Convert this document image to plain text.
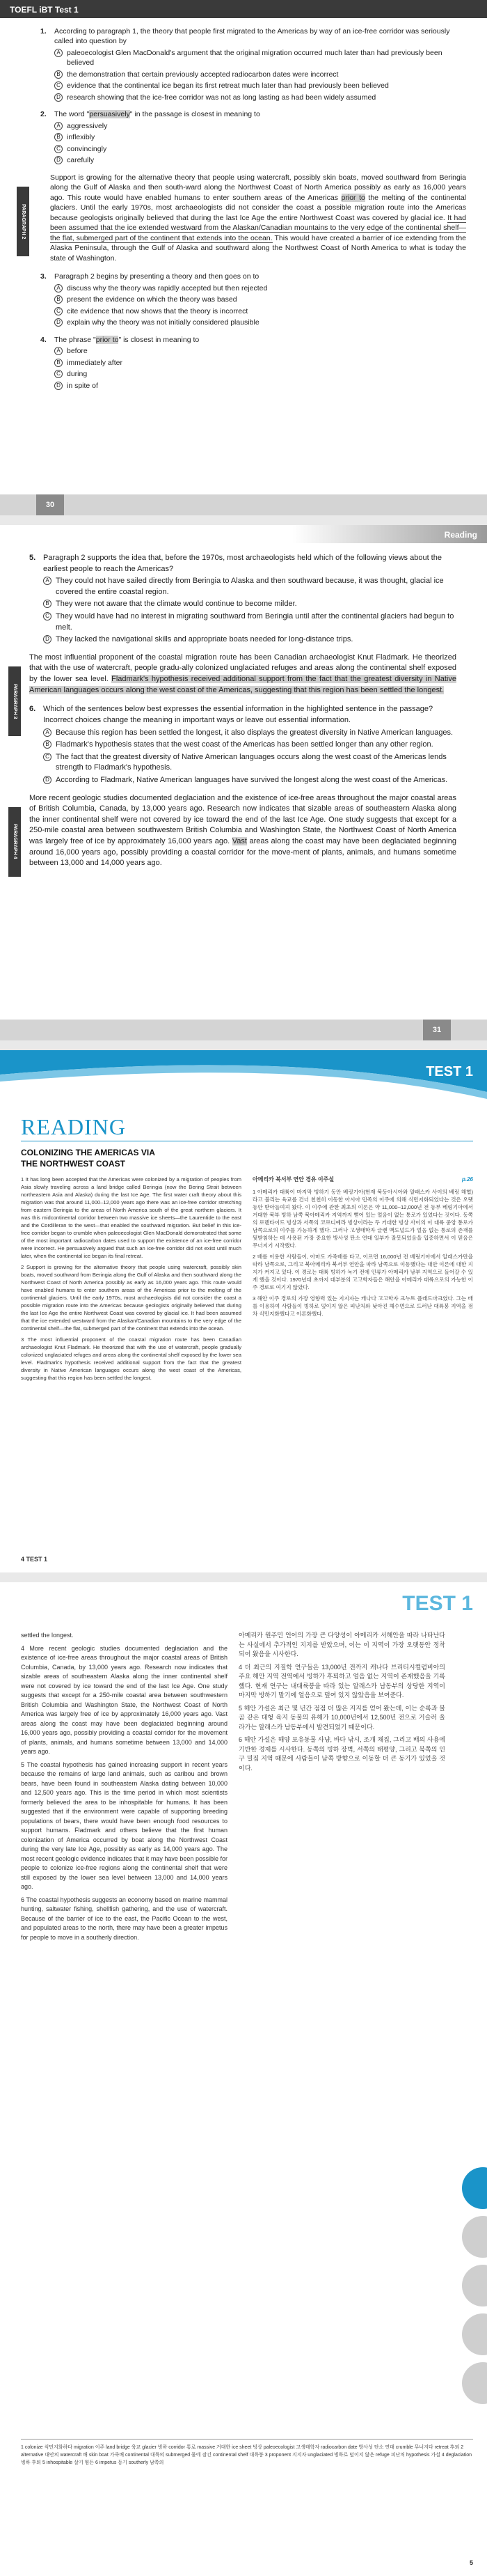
TOEFL iBT Test 1
1.	According to paragraph 1, the theory that people first migrated to the Americas by way of an ice-free corridor was seriously called into question by
A paleoecologist Glen MacDonald's argument that the original migration occurred much later than had previously been believed
B the demonstration that certain previously accepted radiocarbon dates were incorrect
C evidence that the continental ice began its first retreat much later than had previously been believed
D research showing that the ice-free corridor was not as long lasting as had been widely assumed
2.	The word "persuasively" in the passage is closest in meaning to
A aggressively
B inflexibly
C convincingly
D carefully
PARAGRAPH 2
Support is growing for the alternative theory that people using watercraft, possibly skin boats, moved southward from Beringia along the Gulf of Alaska and then south-ward along the Northwest Coast of North America possibly as early as 16,000 years ago. This route would have enabled humans to enter southern areas of the Americas prior to the melting of the continental glaciers. Until the early 1970s, most archaeologists did not consider the coast a possible migration route into the Americas because geologists originally believed that during the last Ice Age the entire Northwest Coast was covered by glacial ice. It had been assumed that the ice extended westward from the Alaskan/Canadian mountains to the very edge of the continental shelf—the flat, submerged part of the continent that extends into the ocean. This would have created a barrier of ice extending from the Alaska Peninsula, through the Gulf of Alaska and southward along the Northwest Coast of North America to what is today the state of Washington.
3.	Paragraph 2 begins by presenting a theory and then goes on to
A discuss why the theory was rapidly accepted but then rejected
B present the evidence on which the theory was based
C cite evidence that now shows that the theory is incorrect
D explain why the theory was not initially considered plausible
4.	The phrase "prior to" is closest in meaning to
A before
B immediately after
C during
D in spite of
30
Reading
5. Paragraph 2 supports the idea that, before the 1970s, most archaeologists held which of the following views about the earliest people to reach the Americas?
A They could not have sailed directly from Beringia to Alaska and then southward because, it was thought, glacial ice covered the entire coastal region.
B They were not aware that the climate would continue to become milder.
C They would have had no interest in migrating southward from Beringia until after the continental glaciers had begun to melt.
D They lacked the navigational skills and appropriate boats needed for long-distance trips.
PARAGRAPH 3
The most influential proponent of the coastal migration route has been Canadian archaeologist Knut Fladmark. He theorized that with the use of watercraft, people gradu-ally colonized unglaciated refuges and areas along the continental shelf exposed by the lower sea level. Fladmark's hypothesis received additional support from the fact that the greatest diversity in Native American languages occurs along the west coast of the Americas, suggesting that this region has been settled the longest.
6. Which of the sentences below best expresses the essential information in the highlighted sentence in the passage? Incorrect choices change the meaning in important ways or leave out essential information.
A Because this region has been settled the longest, it also displays the greatest diversity in Native American languages.
B Fladmark's hypothesis states that the west coast of the Americas has been settled longer than any other region.
C The fact that the greatest diversity of Native American languages occurs along the west coast of the Americas lends strength to Fladmark's hypothesis.
D According to Fladmark, Native American languages have survived the longest along the west coast of the Americas.
PARAGRAPH 4
More recent geologic studies documented deglaciation and the existence of ice-free areas throughout the major coastal areas of British Columbia, Canada, by 13,000 years ago. Research now indicates that sizable areas of southeastern Alaska along the inner continental shelf were not covered by ice toward the end of the last Ice Age. One study suggests that except for a 250-mile coastal area between southwestern British Columbia and Washington State, the Northwest Coast of North America was largely free of ice by approximately 16,000 years ago. Vast areas along the coast may have been deglaciated beginning around 16,000 years ago, possibly providing a coastal corridor for the move-ment of plants, animals, and humans sometime between 13,000 and 14,000 years ago.
31
TEST 1
READING
COLONIZING THE AMERICAS VIA
THE NORTHWEST COAST

1 It has long been accepted that the Americas were colonized by a migration of peoples from Asia slowly traveling across a land bridge called Beringia (now the Bering Strait between northeastern Asia and Alaska) during the last Ice Age. The first water craft theory about this migration was that around 11,000–12,000 years ago there was an ice-free corridor stretching from eastern Beringia to the areas of North America south of the great northern glaciers. It was this midcontinental corridor between two massive ice sheets—the Laurentide to the east and the Cordilleran to the west—that enabled the southward migration. But belief in this ice-free corridor began to crumble when paleoecologist Glen MacDonald demonstrated that some of the most important radiocarbon dates used to support the existence of an ice-free corridor were incorrect. He persuasively argued that such an ice-free corridor did not exist until much later, when the continental ice began its final retreat.

2 Support is growing for the alternative theory that people using watercraft, possibly skin boats, moved southward from Beringia along the Gulf of Alaska and then southward along the Northwest Coast of North America possibly as early as 16,000 years ago. This route would have enabled humans to enter southern areas of the Americas prior to the melting of the continental glaciers. Until the early 1970s, most archaeologists did not consider the coast a possible migration route into the Americas because geologists originally believed that during the last Ice Age the entire Northwest Coast was covered by glacial ice. It had been assumed that the ice extended westward from the Alaskan/Canadian mountains to the very edge of the continental shelf—the flat, submerged part of the continent that extends into the ocean.

3 The most influential proponent of the coastal migration route has been Canadian archaeologist Knut Fladmark. He theorized that with the use of watercraft, people gradually colonized unglaciated refuges and areas along the continental shelf exposed by the lower sea level. Fladmark's hypothesis received additional support from the fact that the greatest diversity in Native American languages occurs along the west coast of the Americas, suggesting that this region has been settled the longest.

아메리카 북서부 연안 경유 이주설	p.26

1 아메리카 대륙이 마지막 빙하기 동안 베링기아(현재 북동아시아와 알래스카 사이의 베링 해협)라고 불리는 육교를 건너 천천히 이동한 아시아 민족의 이주에 의해 식민지화되었다는 것은 오랫동안 받아들여져 왔다. 이 이주에 관한 최초의 이론은 약 11,000~12,000년 전 동부 베링기아에서 거대한 북부 빙하 남쪽 북아메리카 지역까지 뻗어 있는 얼음이 없는 통로가 있었다는 것이다. 동쪽의 로렌타이드 빙상과 서쪽의 코르디예라 빙상이라는 두 거대한 빙상 사이의 이 대륙 중앙 통로가 남쪽으로의 이주를 가능하게 했다. 그러나 고생태학자 글렌 맥도널드가 얼음 없는 통로의 존재를 뒷받침하는 데 사용된 가장 중요한 방사성 탄소 연대 일부가 잘못되었음을 입증하면서 이 믿음은 무너지기 시작했다.

2 배를 이용한 사람들이, 아마도 가죽배를 타고, 이르면 16,000년 전 베링기아에서 알래스카만을 따라 남쪽으로, 그리고 북아메리카 북서부 연안을 따라 남쪽으로 이동했다는 대안 이론에 대한 지지가 커지고 있다. 이 경로는 대륙 빙하가 녹기 전에 인류가 아메리카 남부 지역으로 들어갈 수 있게 했을 것이다. 1970년대 초까지 대부분의 고고학자들은 해안을 아메리카 대륙으로의 가능한 이주 경로로 여기지 않았다.

3 해안 이주 경로의 가장 영향력 있는 지지자는 캐나다 고고학자 크누트 플래드마크였다. 그는 배를 이용하여 사람들이 빙하로 덮이지 않은 피난처와 낮아진 해수면으로 드러난 대륙붕 지역을 점차 식민지화했다고 이론화했다.

4 TEST 1
TEST 1

settled the longest.

4 More recent geologic studies documented deglaciation and the existence of ice-free areas throughout the major coastal areas of British Columbia, Canada, by 13,000 years ago. Research now indicates that sizable areas of southeastern Alaska along the inner continental shelf were not covered by ice toward the end of the last Ice Age. One study suggests that except for a 250-mile coastal area between southwestern British Columbia and Washington State, the Northwest Coast of North America was largely free of ice by approximately 16,000 years ago. Vast areas along the coast may have been deglaciated beginning around 16,000 years ago, possibly providing a coastal corridor for the movement of plants, animals, and humans sometime between 13,000 and 14,000 years ago.

5 The coastal hypothesis has gained increasing support in recent years because the remains of large land animals, such as caribou and brown bears, have been found in southeastern Alaska dating between 10,000 and 12,500 years ago. This is the time period in which most scientists formerly believed the area to be inhospitable for humans. It has been suggested that if the environment were capable of supporting breeding populations of bears, there would have been enough food resources to support humans. Fladmark and others believe that the first human colonization of America occurred by boat along the Northwest Coast during the very late Ice Age, possibly as early as 14,000 years ago. The most recent geologic evidence indicates that it may have been possible for people to colonize ice-free regions along the continental shelf that were still exposed by the lower sea level between 13,000 and 14,000 years ago.

6 The coastal hypothesis suggests an economy based on marine mammal hunting, saltwater fishing, shellfish gathering, and the use of watercraft. Because of the barrier of ice to the east, the Pacific Ocean to the west, and populated areas to the north, there may have been a greater impetus for people to move in a southerly direction.

아메리카 원주민 언어의 가장 큰 다양성이 아메리카 서해안을 따라 나타난다는 사실에서 추가적인 지지를 받았으며, 이는 이 지역이 가장 오랫동안 정착되어 왔음을 시사한다.

4 더 최근의 지질학 연구들은 13,000년 전까지 캐나다 브리티시컬럼비아의 주요 해안 지역 전역에서 빙하가 후퇴하고 얼음 없는 지역이 존재했음을 기록했다. 현재 연구는 내대륙붕을 따라 있는 알래스카 남동부의 상당한 지역이 마지막 빙하기 말기에 얼음으로 덮여 있지 않았음을 보여준다.

5 해안 가설은 최근 몇 년간 점점 더 많은 지지를 얻어 왔는데, 이는 순록과 불곰 같은 대형 육지 동물의 유해가 10,000년에서 12,500년 전으로 거슬러 올라가는 알래스카 남동부에서 발견되었기 때문이다.

6 해안 가설은 해양 포유동물 사냥, 바다 낚시, 조개 채집, 그리고 배의 사용에 기반한 경제를 시사한다. 동쪽의 빙하 장벽, 서쪽의 태평양, 그리고 북쪽의 인구 밀집 지역 때문에 사람들이 남쪽 방향으로 이동할 더 큰 동기가 있었을 것이다.

1 colonize 식민지화하다 migration 이주 land bridge 육교 glacier 빙하 corridor 통로 massive 거대한 ice sheet 빙상 paleoecologist 고생태학자 radiocarbon date 방사성 탄소 연대 crumble 무너지다 retreat 후퇴 2 alternative 대안의 watercraft 배 skin boat 가죽배 continental 대륙의 submerged 물에 잠긴 continental shelf 대륙붕 3 proponent 지지자 unglaciated 빙하로 덮이지 않은 refuge 피난처 hypothesis 가설 4 deglaciation 빙하 후퇴 5 inhospitable 살기 힘든 6 impetus 동기 southerly 남쪽의
5
